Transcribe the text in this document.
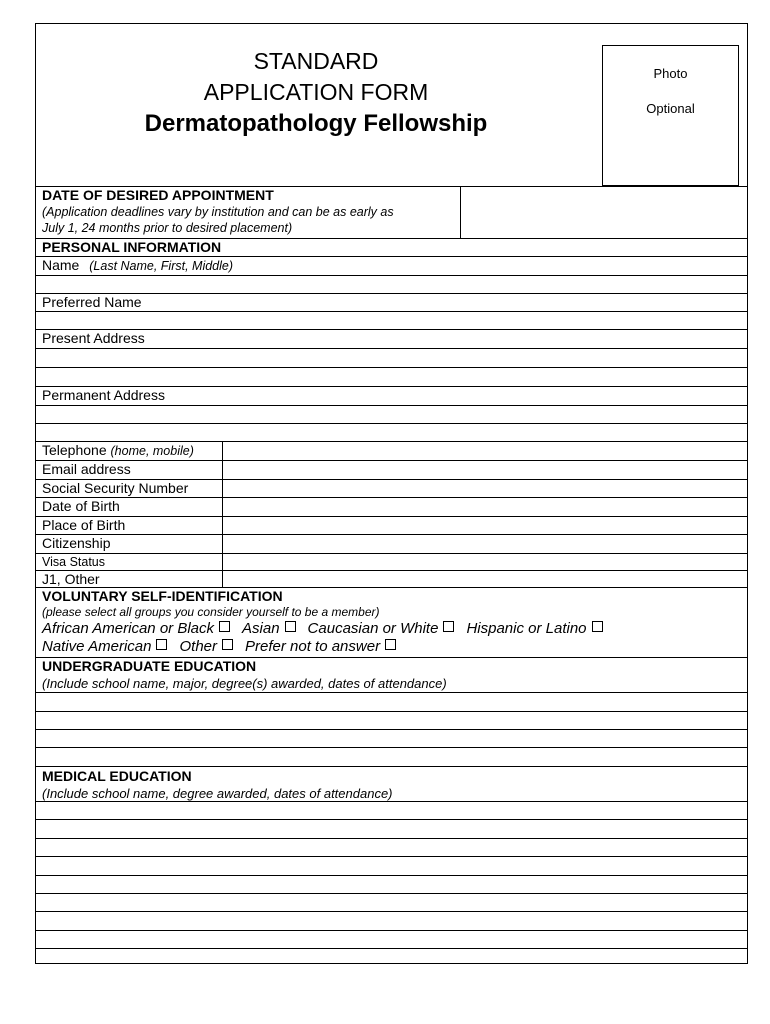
STANDARD
APPLICATION FORM
Dermatopathology Fellowship
Photo
Optional
DATE OF DESIRED APPOINTMENT
(Application deadlines vary by institution and can be as early as
July 1, 24 months prior to desired placement)
PERSONAL INFORMATION
Name (Last Name, First, Middle)
Preferred Name
Present Address
Permanent Address
Telephone (home, mobile)
Email address
Social Security Number
Date of Birth
Place of Birth
Citizenship
Visa Status
J1, Other
VOLUNTARY SELF-IDENTIFICATION
(please select all groups you consider yourself to be a member)
African American or Black Asian Caucasian or White Hispanic or Latino
Native American Other Prefer not to answer
UNDERGRADUATE EDUCATION
(Include school name, major, degree(s) awarded, dates of attendance)
MEDICAL EDUCATION
(Include school name, degree awarded, dates of attendance)
